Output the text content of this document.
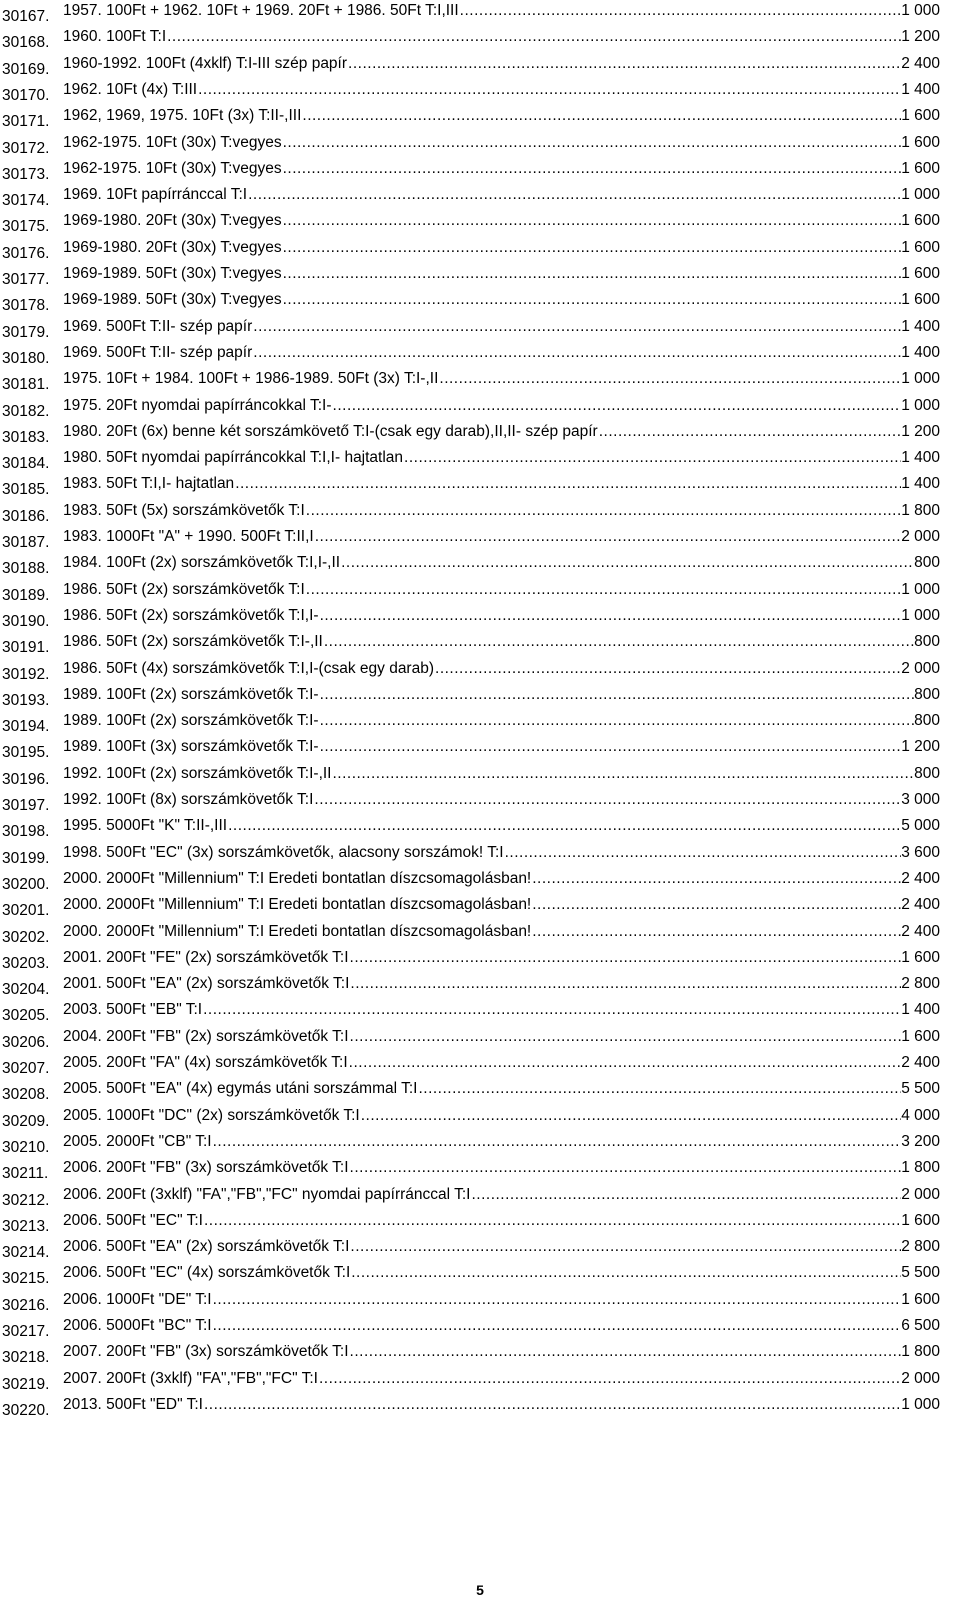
30167. 1957. 100Ft + 1962. 10Ft + 1969. 20Ft + 1986. 50Ft T:I,III .....	1 000
30168. 1960. 100Ft T:I .....	1 200
30169. 1960-1992. 100Ft (4xklf) T:I-III szép papír .....	2 400
30170. 1962. 10Ft (4x) T:III .....	1 400
30171. 1962, 1969, 1975. 10Ft (3x) T:II-,III .....	1 600
30172. 1962-1975. 10Ft (30x) T:vegyes .....	1 600
30173. 1962-1975. 10Ft (30x) T:vegyes .....	1 600
30174. 1969. 10Ft papírránccal T:I .....	1 000
30175. 1969-1980. 20Ft (30x) T:vegyes .....	1 600
30176. 1969-1980. 20Ft (30x) T:vegyes .....	1 600
30177. 1969-1989. 50Ft (30x) T:vegyes .....	1 600
30178. 1969-1989. 50Ft (30x) T:vegyes .....	1 600
30179. 1969. 500Ft T:II- szép papír .....	1 400
30180. 1969. 500Ft T:II- szép papír .....	1 400
30181. 1975. 10Ft + 1984. 100Ft + 1986-1989. 50Ft (3x) T:I-,II .....	1 000
30182. 1975. 20Ft nyomdai papírráncokkal T:I- .....	1 000
30183. 1980. 20Ft (6x) benne két sorszámkövető T:I-(csak egy darab),II,II- szép papír .....	1 200
30184. 1980. 50Ft nyomdai papírráncokkal T:I,I- hajtatlan .....	1 400
30185. 1983. 50Ft T:I,I- hajtatlan .....	1 400
30186. 1983. 50Ft (5x) sorszámkövetők T:I .....	1 800
30187. 1983. 1000Ft "A" + 1990. 500Ft T:II,I .....	2 000
30188. 1984. 100Ft (2x) sorszámkövetők T:I,I-,II .....	800
30189. 1986. 50Ft (2x) sorszámkövetők T:I .....	1 000
30190. 1986. 50Ft (2x) sorszámkövetők T:I,I- .....	1 000
30191. 1986. 50Ft (2x) sorszámkövetők T:I-,II .....	800
30192. 1986. 50Ft (4x) sorszámkövetők T:I,I-(csak egy darab) .....	2 000
30193. 1989. 100Ft (2x) sorszámkövetők T:I- .....	800
30194. 1989. 100Ft (2x) sorszámkövetők T:I- .....	800
30195. 1989. 100Ft (3x) sorszámkövetők T:I- .....	1 200
30196. 1992. 100Ft (2x) sorszámkövetők T:I-,II .....	800
30197. 1992. 100Ft (8x) sorszámkövetők T:I .....	3 000
30198. 1995. 5000Ft "K" T:II-,III .....	5 000
30199. 1998. 500Ft "EC" (3x) sorszámkövetők, alacsony sorszámok! T:I .....	3 600
30200. 2000. 2000Ft "Millennium" T:I Eredeti bontatlan díszcsomagolásban! .....	2 400
30201. 2000. 2000Ft "Millennium" T:I Eredeti bontatlan díszcsomagolásban! .....	2 400
30202. 2000. 2000Ft "Millennium" T:I Eredeti bontatlan díszcsomagolásban! .....	2 400
30203. 2001. 200Ft "FE" (2x) sorszámkövetők T:I .....	1 600
30204. 2001. 500Ft "EA" (2x) sorszámkövetők T:I .....	2 800
30205. 2003. 500Ft "EB" T:I .....	1 400
30206. 2004. 200Ft "FB" (2x) sorszámkövetők T:I .....	1 600
30207. 2005. 200Ft "FA" (4x) sorszámkövetők T:I .....	2 400
30208. 2005. 500Ft "EA" (4x) egymás utáni sorszámmal T:I .....	5 500
30209. 2005. 1000Ft "DC" (2x) sorszámkövetők T:I .....	4 000
30210. 2005. 2000Ft "CB" T:I .....	3 200
30211. 2006. 200Ft "FB" (3x) sorszámkövetők T:I .....	1 800
30212. 2006. 200Ft (3xklf) "FA","FB","FC" nyomdai papírránccal T:I .....	2 000
30213. 2006. 500Ft "EC" T:I .....	1 600
30214. 2006. 500Ft "EA" (2x) sorszámkövetők T:I .....	2 800
30215. 2006. 500Ft "EC" (4x) sorszámkövetők T:I .....	5 500
30216. 2006. 1000Ft "DE" T:I .....	1 600
30217. 2006. 5000Ft "BC" T:I .....	6 500
30218. 2007. 200Ft "FB" (3x) sorszámkövetők T:I .....	1 800
30219. 2007. 200Ft (3xklf) "FA","FB","FC" T:I .....	2 000
30220. 2013. 500Ft "ED" T:I .....	1 000
5
